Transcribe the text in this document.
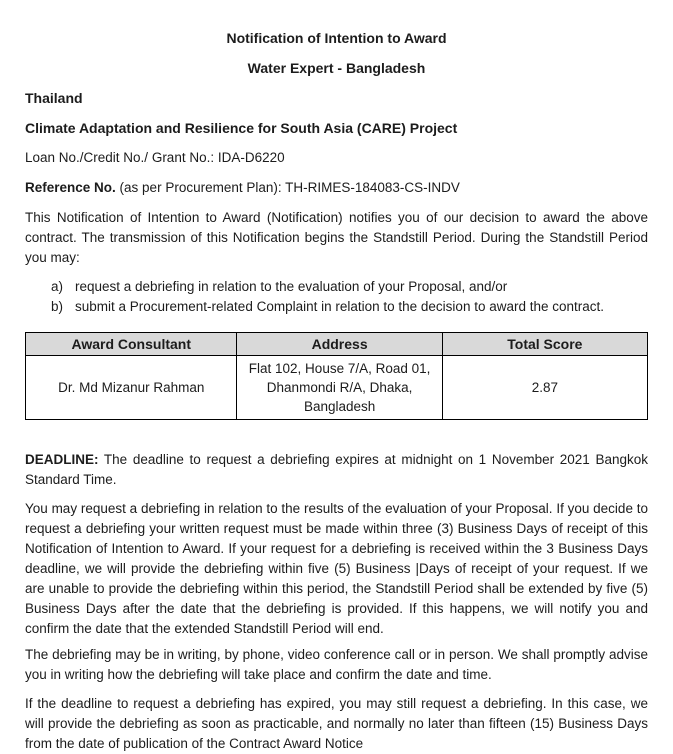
Notification of Intention to Award
Water Expert - Bangladesh
Thailand
Climate Adaptation and Resilience for South Asia (CARE) Project
Loan No./Credit No./ Grant No.: IDA-D6220
Reference No. (as per Procurement Plan): TH-RIMES-184083-CS-INDV

This Notification of Intention to Award (Notification) notifies you of our decision to award the above contract. The transmission of this Notification begins the Standstill Period. During the Standstill Period you may:

a) request a debriefing in relation to the evaluation of your Proposal, and/or
b) submit a Procurement-related Complaint in relation to the decision to award the contract.
Award Consultant	Address	Total Score
Dr. Md Mizanur Rahman	Flat 102, House 7/A, Road 01, Dhanmondi R/A, Dhaka, Bangladesh	2.87

DEADLINE: The deadline to request a debriefing expires at midnight on 1 November 2021 Bangkok Standard Time.

You may request a debriefing in relation to the results of the evaluation of your Proposal. If you decide to request a debriefing your written request must be made within three (3) Business Days of receipt of this Notification of Intention to Award. If your request for a debriefing is received within the 3 Business Days deadline, we will provide the debriefing within five (5) Business |Days of receipt of your request. If we are unable to provide the debriefing within this period, the Standstill Period shall be extended by five (5) Business Days after the date that the debriefing is provided. If this happens, we will notify you and confirm the date that the extended Standstill Period will end.

The debriefing may be in writing, by phone, video conference call or in person. We shall promptly advise you in writing how the debriefing will take place and confirm the date and time.

If the deadline to request a debriefing has expired, you may still request a debriefing. In this case, we will provide the debriefing as soon as practicable, and normally no later than fifteen (15) Business Days from the date of publication of the Contract Award Notice
